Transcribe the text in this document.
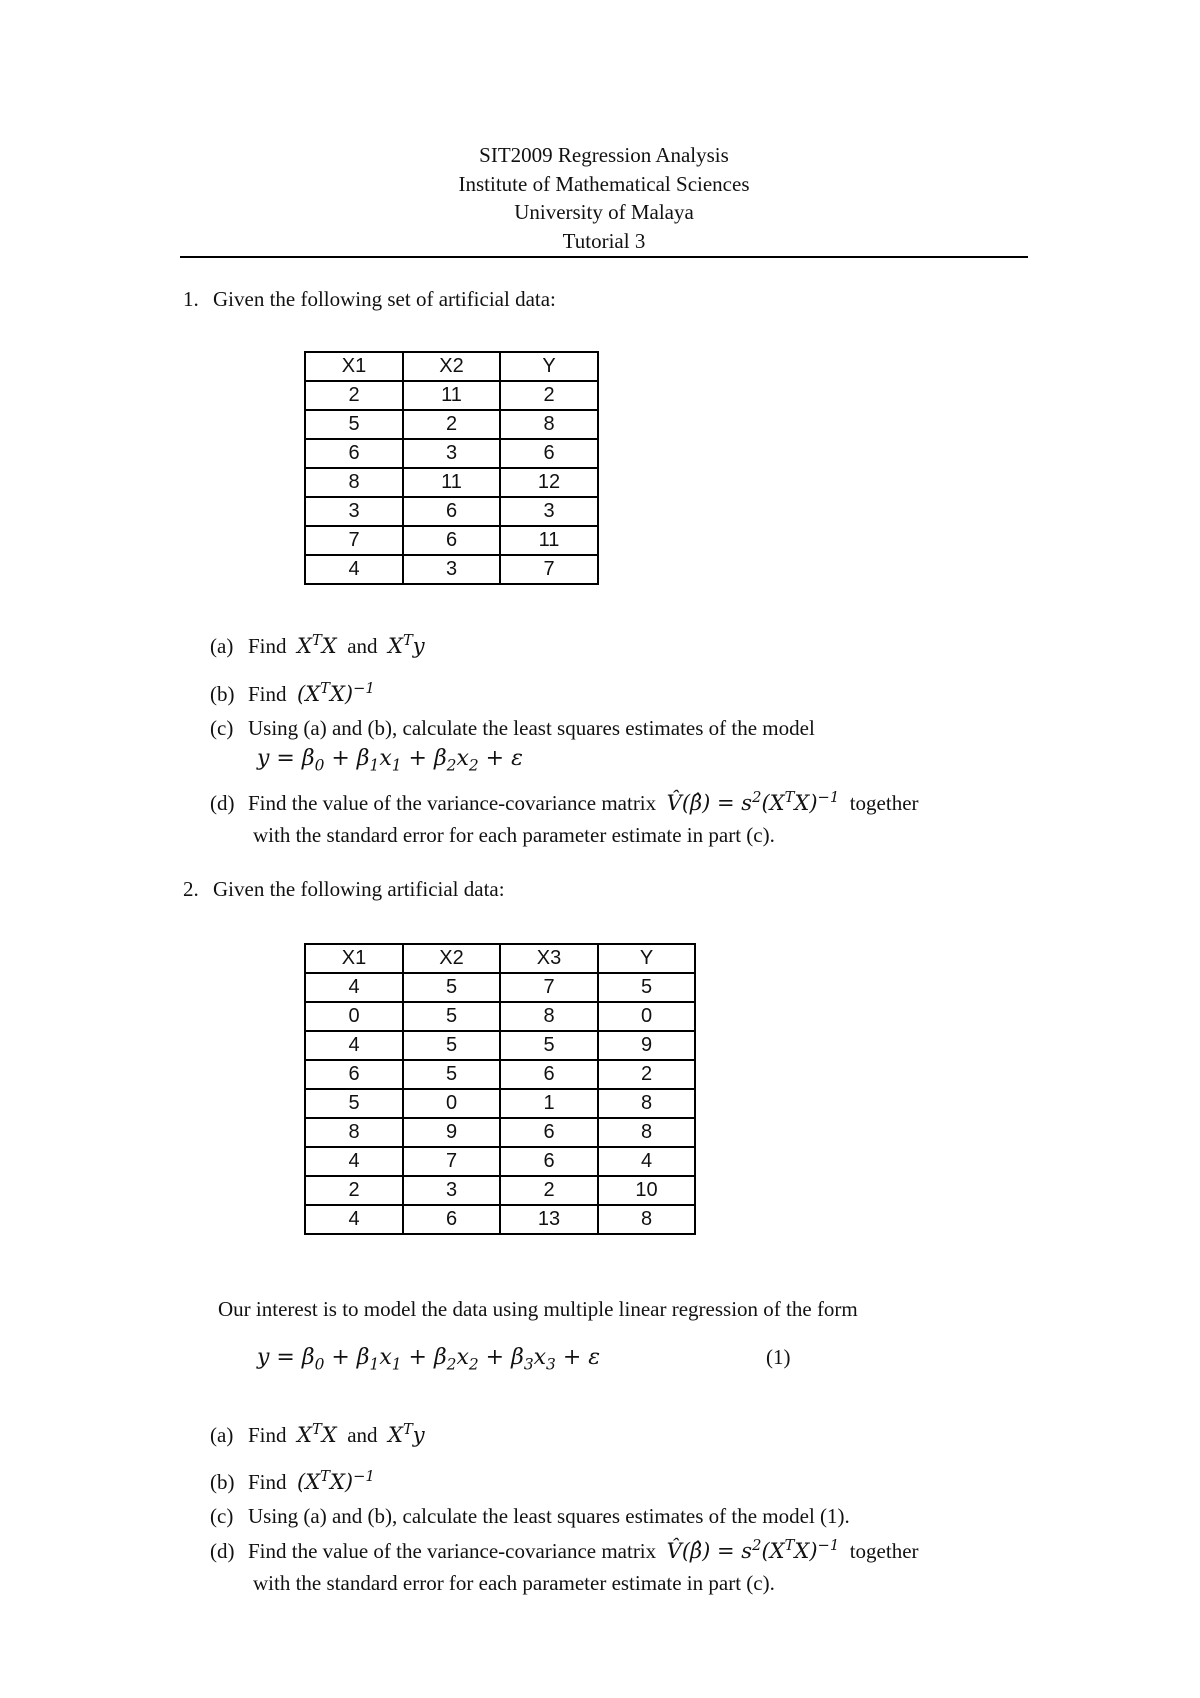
SIT2009 Regression Analysis
Institute of Mathematical Sciences
University of Malaya
Tutorial 3
1. Given the following set of artificial data:
X1	X2	Y
2	11	2
5	2	8
6	3	6
8	11	12
3	6	3
7	6	11
4	3	7
(a) Find $X^TX$ and $X^Ty$
(b) Find $(X^TX)^{-1}$
(c) Using (a) and (b), calculate the least squares estimates of the model
$y = \beta_0 + \beta_1x_1 + \beta_2x_2 + \varepsilon$
(d) Find the value of the variance-covariance matrix V̂(β̂) = $s^2(X^TX)^{-1}$ together
with the standard error for each parameter estimate in part (c).
2. Given the following artificial data:
X1	X2	X3	Y
4	5	7	5
0	5	8	0
4	5	5	9
6	5	6	2
5	0	1	8
8	9	6	8
4	7	6	4
2	3	2	10
4	6	13	8
Our interest is to model the data using multiple linear regression of the form
$y = \beta_0 + \beta_1x_1 + \beta_2x_2 + \beta_3x_3 + \varepsilon$	(1)
(a) Find $X^TX$ and $X^Ty$
(b) Find $(X^TX)^{-1}$
(c) Using (a) and (b), calculate the least squares estimates of the model (1).
(d) Find the value of the variance-covariance matrix V̂(β̂) = $s^2(X^TX)^{-1}$ together
with the standard error for each parameter estimate in part (c).
